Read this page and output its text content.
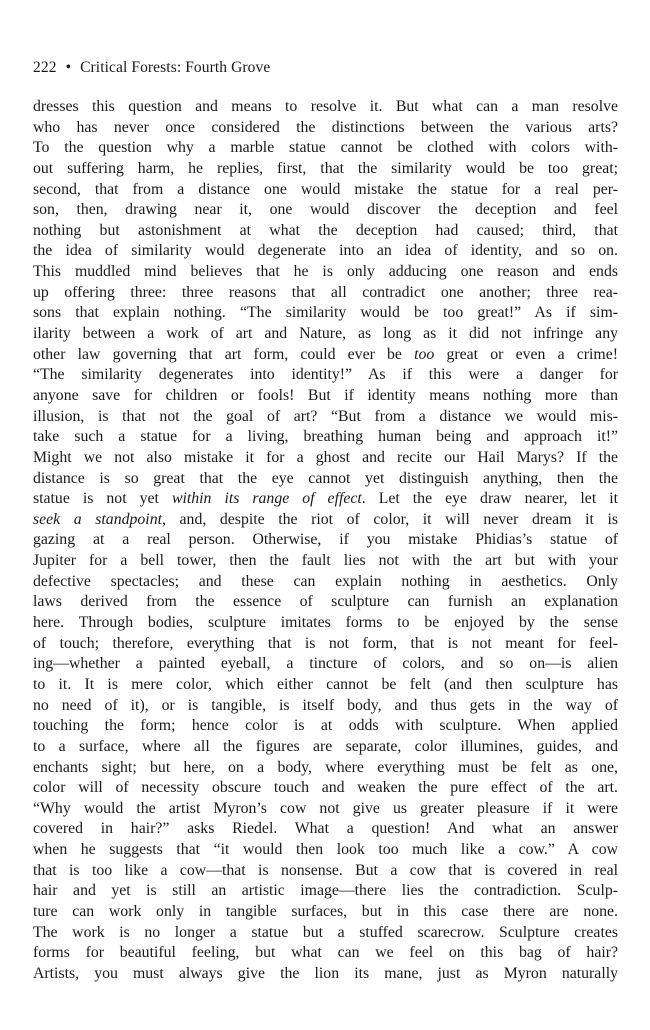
222 • Critical Forests: Fourth Grove
dresses this question and means to resolve it. But what can a man resolve
who has never once considered the distinctions between the various arts?
To the question why a marble statue cannot be clothed with colors with-
out suffering harm, he replies, first, that the similarity would be too great;
second, that from a distance one would mistake the statue for a real per-
son, then, drawing near it, one would discover the deception and feel
nothing but astonishment at what the deception had caused; third, that
the idea of similarity would degenerate into an idea of identity, and so on.
This muddled mind believes that he is only adducing one reason and ends
up offering three: three reasons that all contradict one another; three rea-
sons that explain nothing. “The similarity would be too great!” As if sim-
ilarity between a work of art and Nature, as long as it did not infringe any
other law governing that art form, could ever be too great or even a crime!
“The similarity degenerates into identity!” As if this were a danger for
anyone save for children or fools! But if identity means nothing more than
illusion, is that not the goal of art? “But from a distance we would mis-
take such a statue for a living, breathing human being and approach it!”
Might we not also mistake it for a ghost and recite our Hail Marys? If the
distance is so great that the eye cannot yet distinguish anything, then the
statue is not yet within its range of effect. Let the eye draw nearer, let it
seek a standpoint, and, despite the riot of color, it will never dream it is
gazing at a real person. Otherwise, if you mistake Phidias’s statue of
Jupiter for a bell tower, then the fault lies not with the art but with your
defective spectacles; and these can explain nothing in aesthetics. Only
laws derived from the essence of sculpture can furnish an explanation
here. Through bodies, sculpture imitates forms to be enjoyed by the sense
of touch; therefore, everything that is not form, that is not meant for feel-
ing—whether a painted eyeball, a tincture of colors, and so on—is alien
to it. It is mere color, which either cannot be felt (and then sculpture has
no need of it), or is tangible, is itself body, and thus gets in the way of
touching the form; hence color is at odds with sculpture. When applied
to a surface, where all the figures are separate, color illumines, guides, and
enchants sight; but here, on a body, where everything must be felt as one,
color will of necessity obscure touch and weaken the pure effect of the art.
“Why would the artist Myron’s cow not give us greater pleasure if it were
covered in hair?” asks Riedel. What a question! And what an answer
when he suggests that “it would then look too much like a cow.” A cow
that is too like a cow—that is nonsense. But a cow that is covered in real
hair and yet is still an artistic image—there lies the contradiction. Sculp-
ture can work only in tangible surfaces, but in this case there are none.
The work is no longer a statue but a stuffed scarecrow. Sculpture creates
forms for beautiful feeling, but what can we feel on this bag of hair?
Artists, you must always give the lion its mane, just as Myron naturally
